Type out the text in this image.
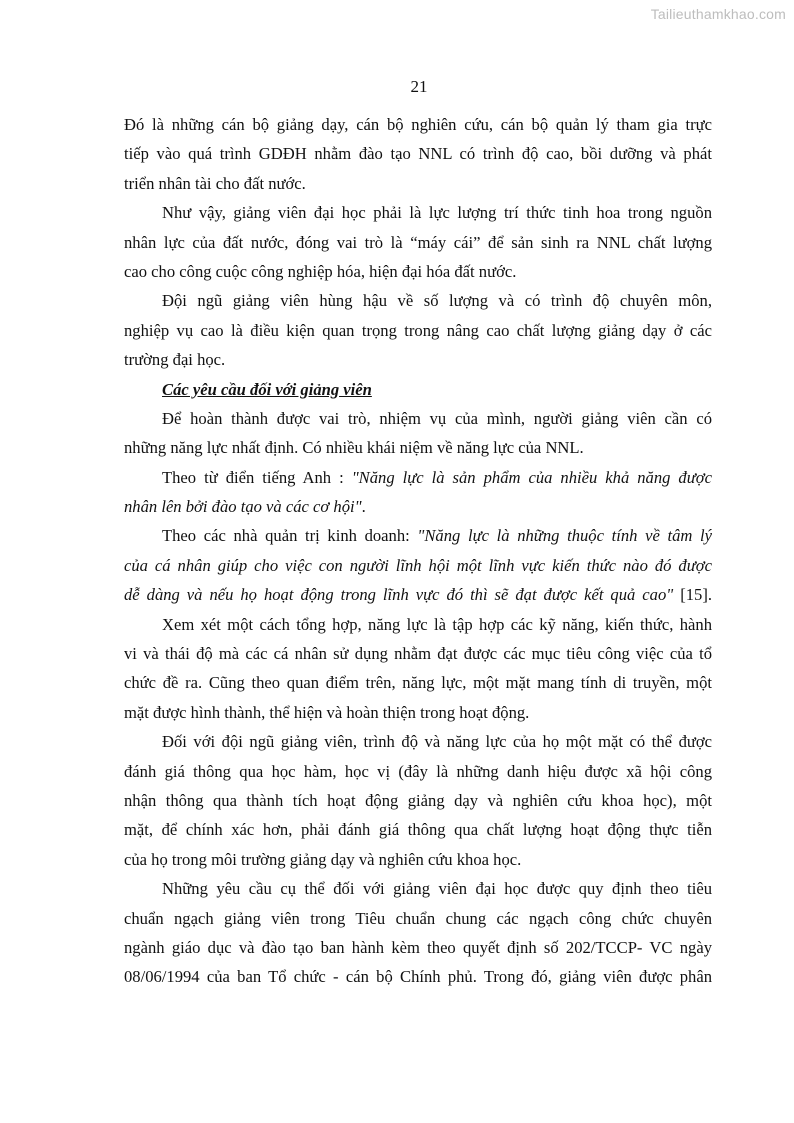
Tailieuthamkhao.com
21
Đó là những cán bộ giảng dạy, cán bộ nghiên cứu, cán bộ quản lý tham gia trực
tiếp vào quá trình GDĐH nhằm đào tạo NNL có trình độ cao, bồi dưỡng và phát
triển nhân tài cho đất nước.
Như vậy, giảng viên đại học phải là lực lượng trí thức tinh hoa trong nguồn
nhân lực của đất nước, đóng vai trò là “máy cái” để sản sinh ra NNL chất lượng
cao cho công cuộc công nghiệp hóa, hiện đại hóa đất nước.
Đội ngũ giảng viên hùng hậu về số lượng và có trình độ chuyên môn,
nghiệp vụ cao là điều kiện quan trọng trong nâng cao chất lượng giảng dạy ở các
trường đại học.
Các yêu cầu đối với giảng viên
Để hoàn thành được vai trò, nhiệm vụ của mình, người giảng viên cần có
những năng lực nhất định. Có nhiều khái niệm về năng lực của NNL.
Theo từ điển tiếng Anh : "Năng lực là sản phẩm của nhiều khả năng được
nhân lên bởi đào tạo và các cơ hội".
Theo các nhà quản trị kinh doanh: "Năng lực là những thuộc tính về tâm lý
của cá nhân giúp cho việc con người lĩnh hội một lĩnh vực kiến thức nào đó được
dễ dàng và nếu họ hoạt động trong lĩnh vực đó thì sẽ đạt được kết quả cao" [15].
Xem xét một cách tổng hợp, năng lực là tập hợp các kỹ năng, kiến thức, hành
vi và thái độ mà các cá nhân sử dụng nhằm đạt được các mục tiêu công việc của tổ
chức đề ra. Cũng theo quan điểm trên, năng lực, một mặt mang tính di truyền, một
mặt được hình thành, thể hiện và hoàn thiện trong hoạt động.
Đối với đội ngũ giảng viên, trình độ và năng lực của họ một mặt có thể được
đánh giá thông qua học hàm, học vị (đây là những danh hiệu được xã hội công
nhận thông qua thành tích hoạt động giảng dạy và nghiên cứu khoa học), một
mặt, để chính xác hơn, phải đánh giá thông qua chất lượng hoạt động thực tiễn
của họ trong môi trường giảng dạy và nghiên cứu khoa học.
Những yêu cầu cụ thể đối với giảng viên đại học được quy định theo tiêu
chuẩn ngạch giảng viên trong Tiêu chuẩn chung các ngạch công chức chuyên
ngành giáo dục và đào tạo ban hành kèm theo quyết định số 202/TCCP- VC ngày
08/06/1994 của ban Tổ chức - cán bộ Chính phủ. Trong đó, giảng viên được phân
